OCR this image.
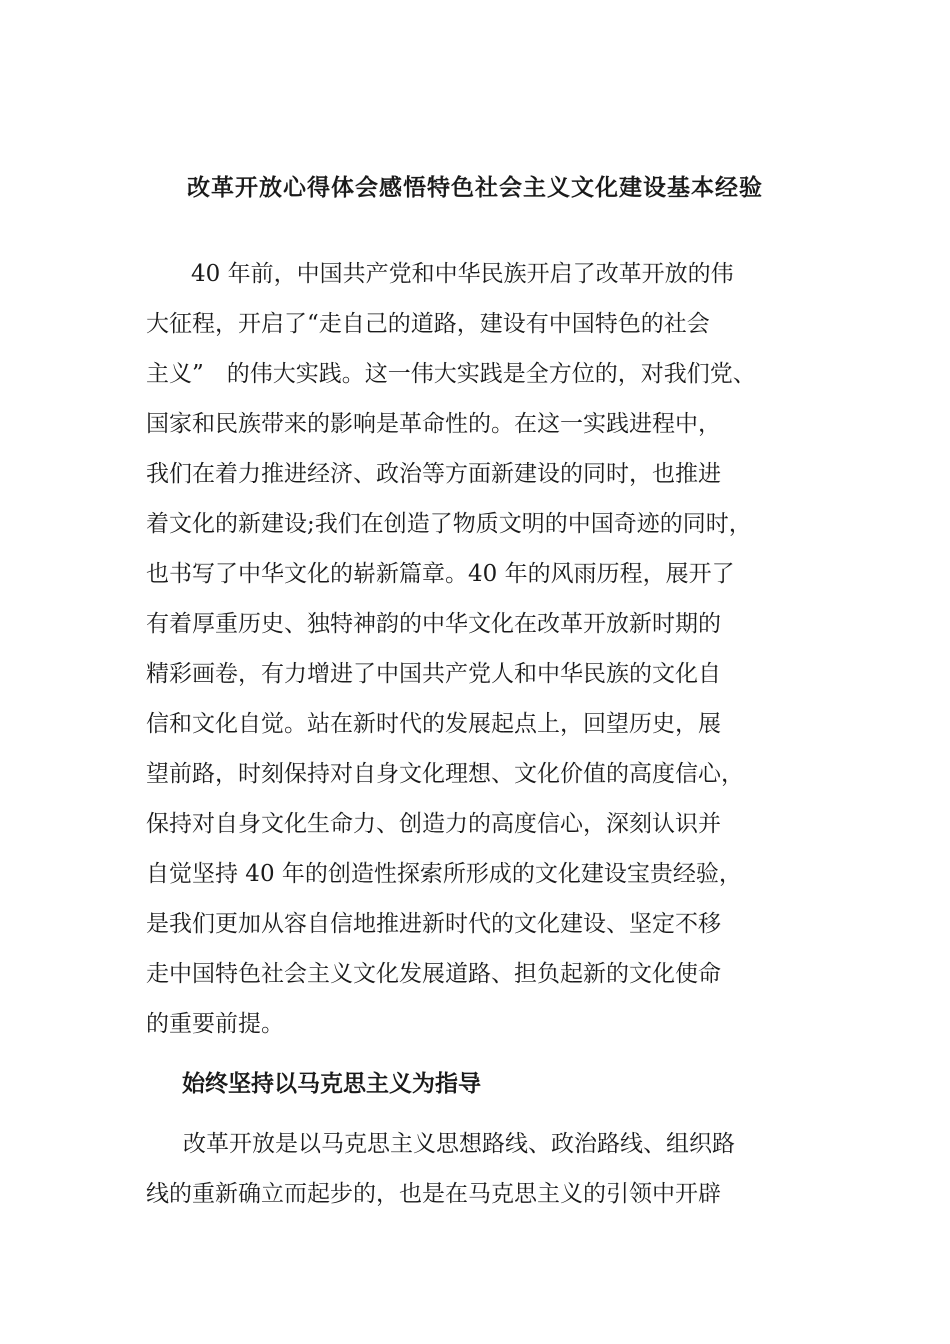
改革开放心得体会感悟特色社会主义文化建设基本经验
　40 年前，中国共产党和中华民族开启了改革开放的伟
大征程，开启了“走自己的道路，建设有中国特色的社会
主义”　的伟大实践。这一伟大实践是全方位的，对我们党、
国家和民族带来的影响是革命性的。在这一实践进程中，
我们在着力推进经济、政治等方面新建设的同时，也推进
着文化的新建设;我们在创造了物质文明的中国奇迹的同时，
也书写了中华文化的崭新篇章。40 年的风雨历程，展开了
有着厚重历史、独特神韵的中华文化在改革开放新时期的
精彩画卷，有力增进了中国共产党人和中华民族的文化自
信和文化自觉。站在新时代的发展起点上，回望历史，展
望前路，时刻保持对自身文化理想、文化价值的高度信心，
保持对自身文化生命力、创造力的高度信心，深刻认识并
自觉坚持 40 年的创造性探索所形成的文化建设宝贵经验，
是我们更加从容自信地推进新时代的文化建设、坚定不移
走中国特色社会主义文化发展道路、担负起新的文化使命
的重要前提。
始终坚持以马克思主义为指导
　改革开放是以马克思主义思想路线、政治路线、组织路
线的重新确立而起步的，也是在马克思主义的引领中开辟
